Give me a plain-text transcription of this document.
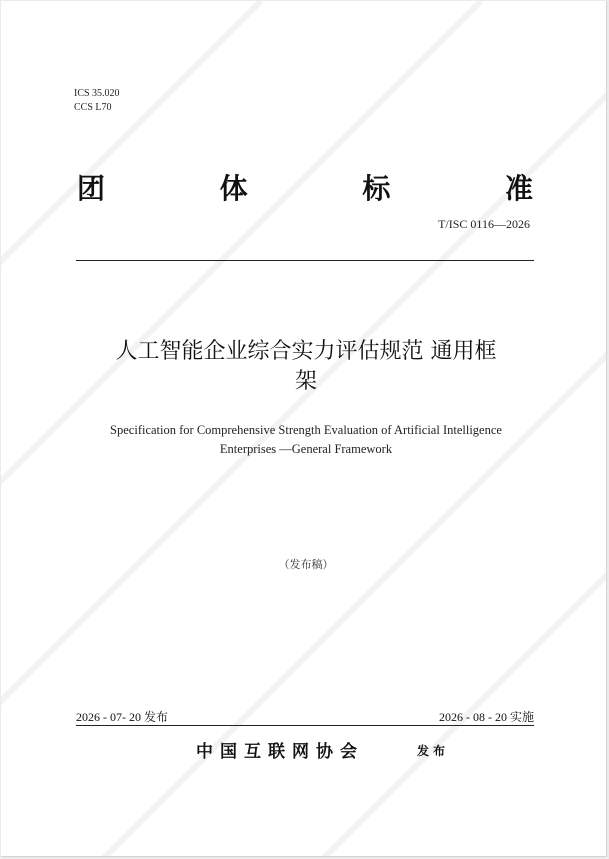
ICS 35.020
CCS L70
团	体	标	准
T/ISC 0116—2026
人工智能企业综合实力评估规范 通用框
架
Specification for Comprehensive Strength Evaluation of Artificial Intelligence
Enterprises —General Framework
（发布稿）
2026 - 07- 20 发布	2026 - 08 - 20 实施
中国互联网协会	发布
